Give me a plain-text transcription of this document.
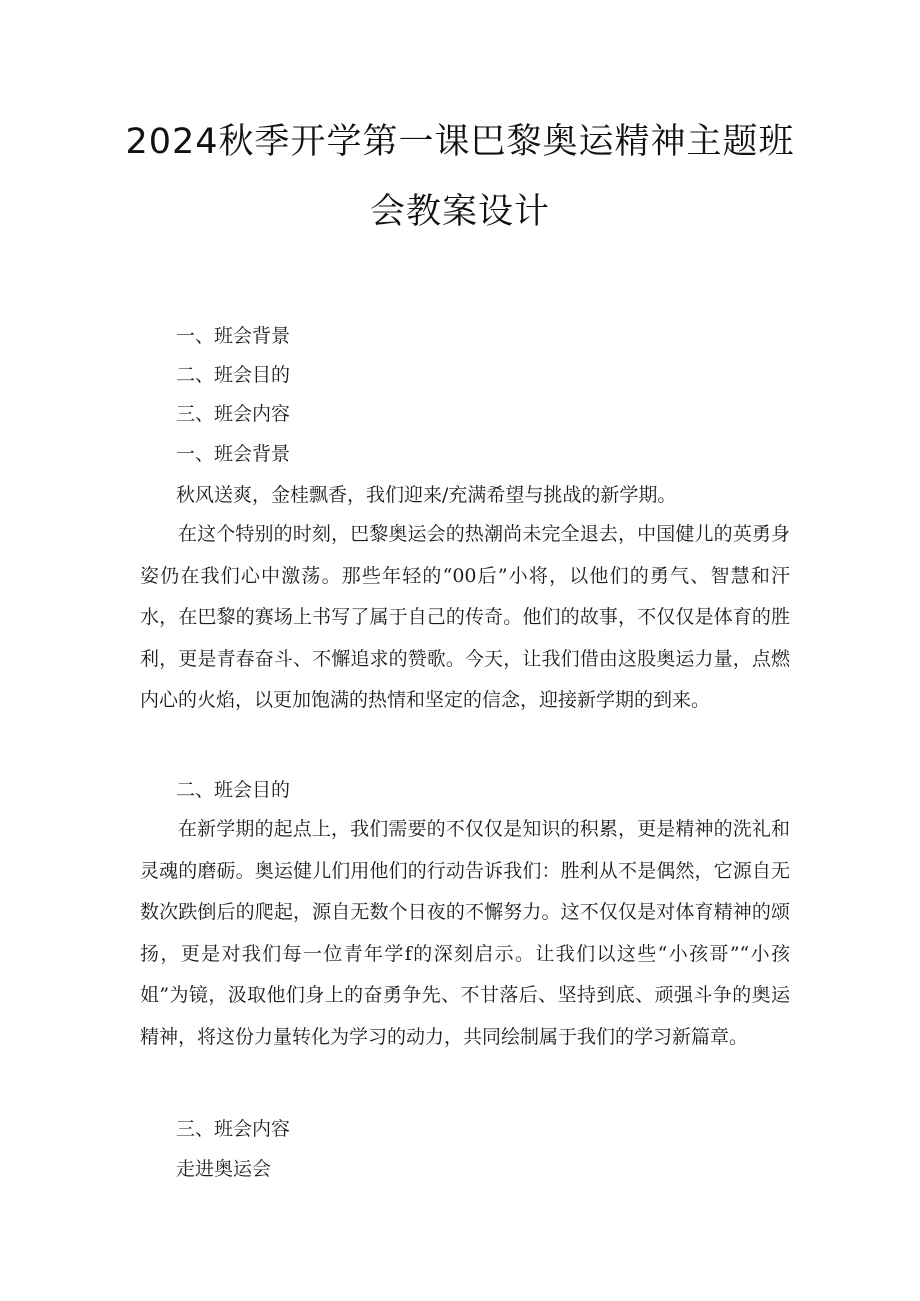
2024秋季开学第一课巴黎奥运精神主题班
会教案设计
一、班会背景
二、班会目的
三、班会内容
一、班会背景
秋风送爽，金桂飘香，我们迎来/充满希望与挑战的新学期。

在这个特别的时刻，巴黎奥运会的热潮尚未完全退去，中国健儿的英勇身姿仍在我们心中激荡。那些年轻的“00后”小将，以他们的勇气、智慧和汗水，在巴黎的赛场上书写了属于自己的传奇。他们的故事，不仅仅是体育的胜利，更是青春奋斗、不懈追求的赞歌。今天，让我们借由这股奥运力量，点燃内心的火焰，以更加饱满的热情和坚定的信念，迎接新学期的到来。

二、班会目的

在新学期的起点上，我们需要的不仅仅是知识的积累，更是精神的洗礼和灵魂的磨砺。奥运健儿们用他们的行动告诉我们：胜利从不是偶然，它源自无数次跌倒后的爬起，源自无数个日夜的不懈努力。这不仅仅是对体育精神的颂扬，更是对我们每一位青年学f的深刻启示。让我们以这些“小孩哥”“小孩姐”为镜，汲取他们身上的奋勇争先、不甘落后、坚持到底、顽强斗争的奥运精神，将这份力量转化为学习的动力，共同绘制属于我们的学习新篇章。

三、班会内容
走进奥运会
